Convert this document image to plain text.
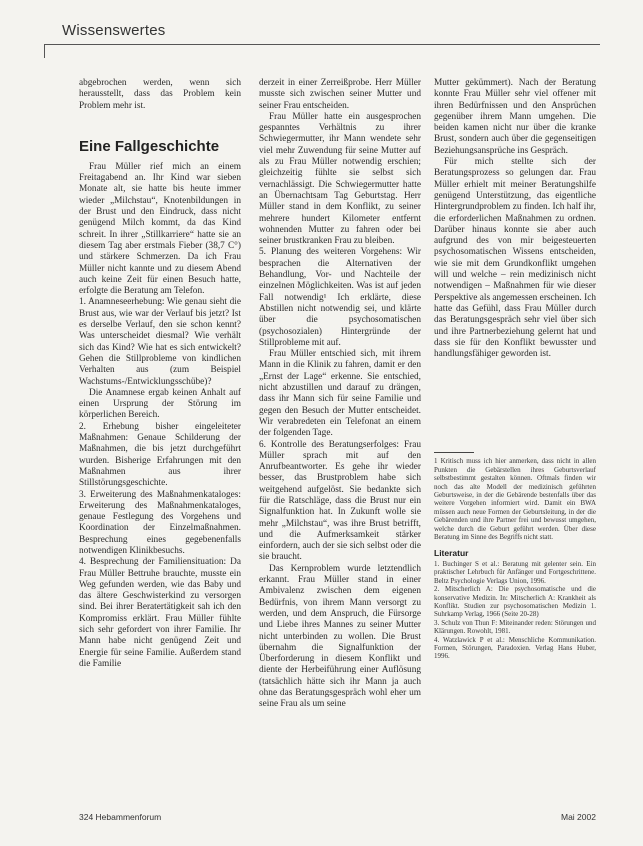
Wissenswertes

abgebrochen werden, wenn sich herausstellt, dass das Problem kein Problem mehr ist.

Eine Fallgeschichte

Frau Müller rief mich an einem Freitagabend an. Ihr Kind war sieben Monate alt, sie hatte bis heute immer wieder „Milchstau“, Knotenbildungen in der Brust und den Eindruck, dass nicht genügend Milch kommt, da das Kind schreit. In ihrer „Stillkarriere“ hatte sie an diesem Tag aber erstmals Fieber (38,7 C°) und stärkere Schmerzen. Da ich Frau Müller nicht kannte und zu diesem Abend auch keine Zeit für einen Besuch hatte, erfolgte die Beratung am Telefon.

1. Anamneseerhebung: Wie genau sieht die Brust aus, wie war der Verlauf bis jetzt? Ist es derselbe Verlauf, den sie schon kennt? Was unterscheidet diesmal? Wie verhält sich das Kind? Wie hat es sich entwickelt? Gehen die Stillprobleme von kindlichen Verhalten aus (zum Beispiel Wachstums-/Entwicklungsschübe)?

Die Anamnese ergab keinen Anhalt auf einen Ursprung der Störung im körperlichen Bereich.

2. Erhebung bisher eingeleiteter Maßnahmen: Genaue Schilderung der Maßnahmen, die bis jetzt durchgeführt wurden. Bisherige Erfahrungen mit den Maßnahmen aus ihrer Stillstörungsgeschichte.

3. Erweiterung des Maßnahmenkataloges: Erweiterung des Maßnahmenkataloges, genaue Festlegung des Vorgehens und Koordination der Einzelmaßnahmen. Besprechung eines gegebenenfalls notwendigen Klinikbesuchs.

4. Besprechung der Familiensituation: Da Frau Müller Bettruhe brauchte, musste ein Weg gefunden werden, wie das Baby und das ältere Geschwisterkind zu versorgen sind. Bei ihrer Beratertätigkeit sah ich den Kompromiss erklärt. Frau Müller fühlte sich sehr gefordert von ihrer Familie. Ihr Mann habe nicht genügend Zeit und Energie für seine Familie. Außerdem stand die Familie

derzeit in einer Zerreißprobe. Herr Müller musste sich zwischen seiner Mutter und seiner Frau entscheiden.

Frau Müller hatte ein ausgesprochen gespanntes Verhältnis zu ihrer Schwiegermutter, ihr Mann wendete sehr viel mehr Zuwendung für seine Mutter auf als zu Frau Müller notwendig erschien; gleichzeitig fühlte sie selbst sich vernachlässigt. Die Schwiegermutter hatte an Übernachtsam Tag Geburtstag. Herr Müller stand in dem Konflikt, zu seiner mehrere hundert Kilometer entfernt wohnenden Mutter zu fahren oder bei seiner brustkranken Frau zu bleiben.

5. Planung des weiteren Vorgehens: Wir besprachen die Alternativen der Behandlung, Vor- und Nachteile der einzelnen Möglichkeiten. Was ist auf jeden Fall notwendig¹ Ich erklärte, diese Abstillen nicht notwendig sei, und klärte über die psychosomatischen (psychosozialen) Hintergründe der Stillprobleme mit auf.

Frau Müller entschied sich, mit ihrem Mann in die Klinik zu fahren, damit er den „Ernst der Lage“ erkenne. Sie entschied, nicht abzustillen und darauf zu drängen, dass ihr Mann sich für seine Familie und gegen den Besuch der Mutter entscheidet. Wir verabredeten ein Telefonat an einem der folgenden Tage.

6. Kontrolle des Beratungserfolges: Frau Müller sprach mit auf den Anrufbeantworter. Es gehe ihr wieder besser, das Brustproblem habe sich weitgehend aufgelöst. Sie bedankte sich für die Ratschläge, dass die Brust nur ein Signalfunktion hat. In Zukunft wolle sie mehr „Milchstau“, was ihre Brust betrifft, und die Aufmerksamkeit stärker einfordern, auch der sie sich selbst oder die sie braucht.

Das Kernproblem wurde letztendlich erkannt. Frau Müller stand in einer Ambivalenz zwischen dem eigenen Bedürfnis, von ihrem Mann versorgt zu werden, und dem Anspruch, die Fürsorge und Liebe ihres Mannes zu seiner Mutter nicht unterbinden zu wollen. Die Brust übernahm die Signalfunktion der Überforderung in diesem Konflikt und diente der Herbeiführung einer Auflösung (tatsächlich hätte sich ihr Mann ja auch ohne das Beratungsgespräch wohl eher um seine Frau als um seine

Mutter gekümmert). Nach der Beratung konnte Frau Müller sehr viel offener mit ihren Bedürfnissen und den Ansprüchen gegenüber ihrem Mann umgehen. Die beiden kamen nicht nur über die kranke Brust, sondern auch über die gegenseitigen Beziehungsansprüche ins Gespräch.

Für mich stellte sich der Beratungsprozess so gelungen dar. Frau Müller erhielt mit meiner Beratungshilfe genügend Unterstützung, das eigentliche Hintergrundproblem zu finden. Ich half ihr, die erforderlichen Maßnahmen zu ordnen. Darüber hinaus konnte sie aber auch aufgrund des von mir beigesteuerten psychosomatischen Wissens entscheiden, wie sie mit dem Grundkonflikt umgehen will und welche – rein medizinisch nicht notwendigen – Maßnahmen für wie dieser Perspektive als angemessen erscheinen. Ich hatte das Gefühl, dass Frau Müller durch das Beratungsgespräch sehr viel über sich und ihre Partnerbeziehung gelernt hat und dass sie für den Konflikt bewusster und handlungsfähiger geworden ist.

1 Kritisch muss ich hier anmerken, dass nicht in allen Punkten die Gebärstellen ihres Geburtsverlauf selbstbestimmt gestalten können. Oftmals finden wir noch das alte Modell der medizinisch geführten Geburtsweise, in der die Gebärende bestenfalls über das weitere Vorgehen informiert wird. Damit ein BWA müssen auch neue Formen der Geburtsleitung, in der die Gebärenden und ihre Partner frei und bewusst umgehen, welche durch die Geburt geführt werden. Über diese Beratung im Sinne des Begriffs nicht statt.

Literatur

1. Buchinger S et al.: Beratung mit gelenter sein. Ein praktischer Lehrbuch für Anfänger und Fortgeschrittene. Beltz Psychologie Verlags Union, 1996.

2. Mitscherlich A: Die psychosomatische und die konservative Medizin. In: Mitscherlich A: Krankheit als Konflikt. Studien zur psychosomatischen Medizin 1. Suhrkamp Verlag, 1966 (Seite 20-28)

3. Schulz von Thun F: Miteinander reden: Störungen und Klärungen. Rowohlt, 1981.

4. Watzlawick P et al.: Menschliche Kommunikation. Formen, Störungen, Paradoxien. Verlag Hans Huber, 1996.

324 Hebammenforum	Mai 2002
